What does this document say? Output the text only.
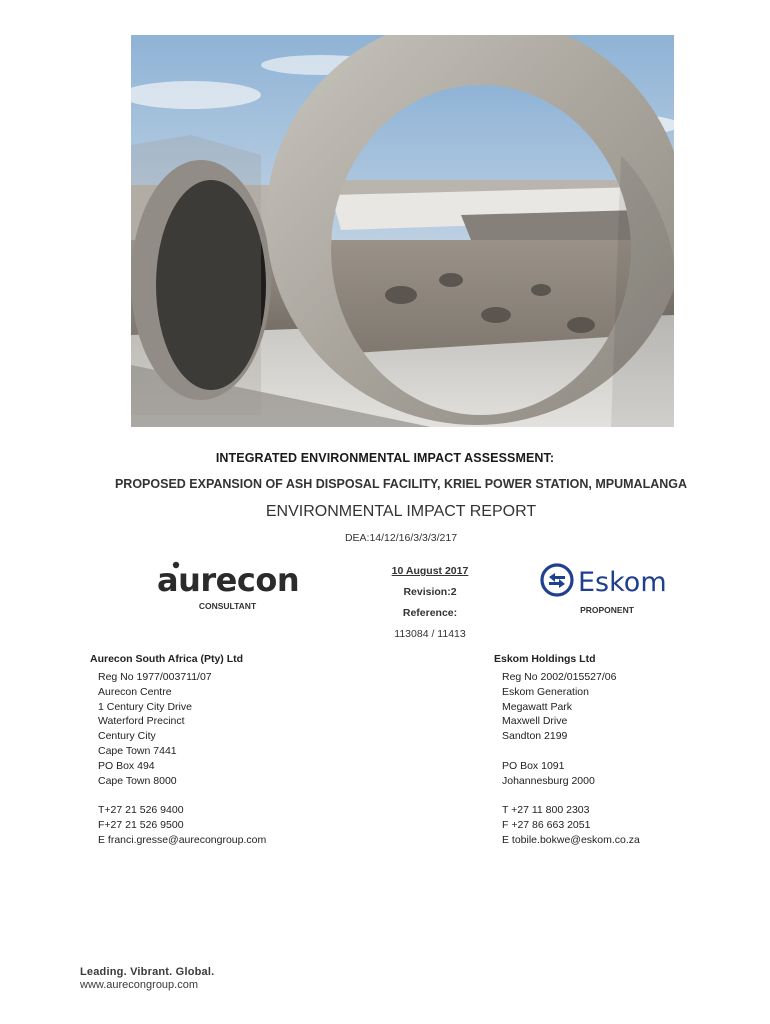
INTEGRATED ENVIRONMENTAL IMPACT ASSESSMENT:
PROPOSED EXPANSION OF ASH DISPOSAL FACILITY, KRIEL POWER STATION, MPUMALANGA
ENVIRONMENTAL IMPACT REPORT
DEA:14/12/16/3/3/3/217
aurecon
CONSULTANT
10 August 2017
Revision:2
Reference:
113084 / 11413
Eskom
PROPONENT
Aurecon South Africa (Pty) Ltd
Reg No 1977/003711/07
Aurecon Centre
1 Century City Drive
Waterford Precinct
Century City
Cape Town 7441
PO Box 494
Cape Town 8000
T+27 21 526 9400
F+27 21 526 9500
E franci.gresse@aurecongroup.com
Eskom Holdings Ltd
Reg No 2002/015527/06
Eskom Generation
Megawatt Park
Maxwell Drive
Sandton 2199
PO Box 1091
Johannesburg 2000
T +27 11 800 2303
F +27 86 663 2051
E tobile.bokwe@eskom.co.za
Leading. Vibrant. Global.
www.aurecongroup.com
